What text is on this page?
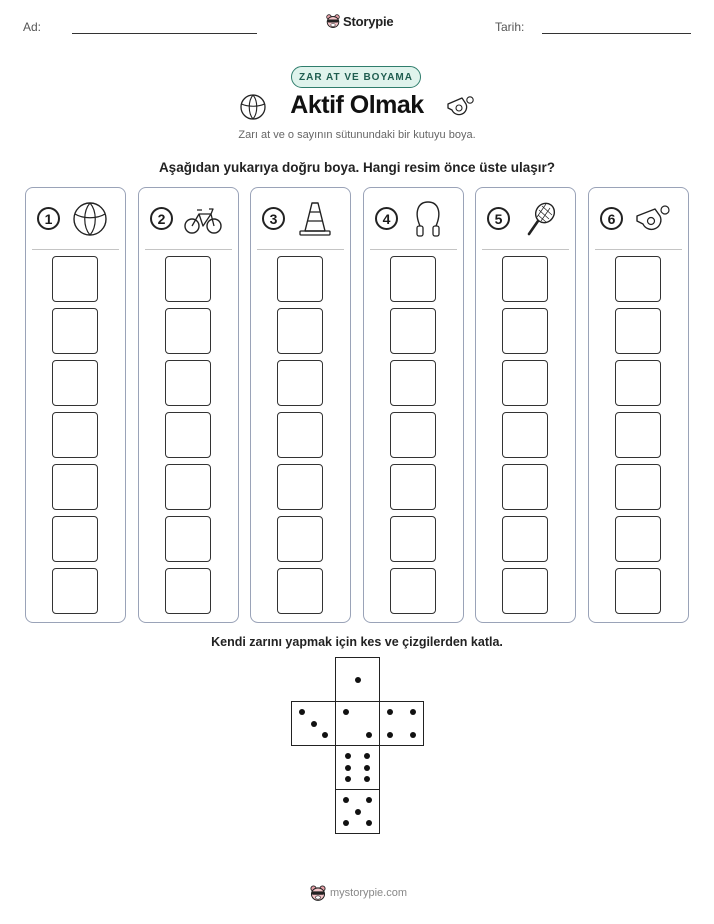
Ad:	Storypie	Tarih:
ZAR AT VE BOYAMA
Aktif Olmak
Zarı at ve o sayının sütunundaki bir kutuyu boya.
Aşağıdan yukarıya doğru boya. Hangi resim önce üste ulaşır?
1	2	3	4	5	6
Kendi zarını yapmak için kes ve çizgilerden katla.
mystorypie.com
